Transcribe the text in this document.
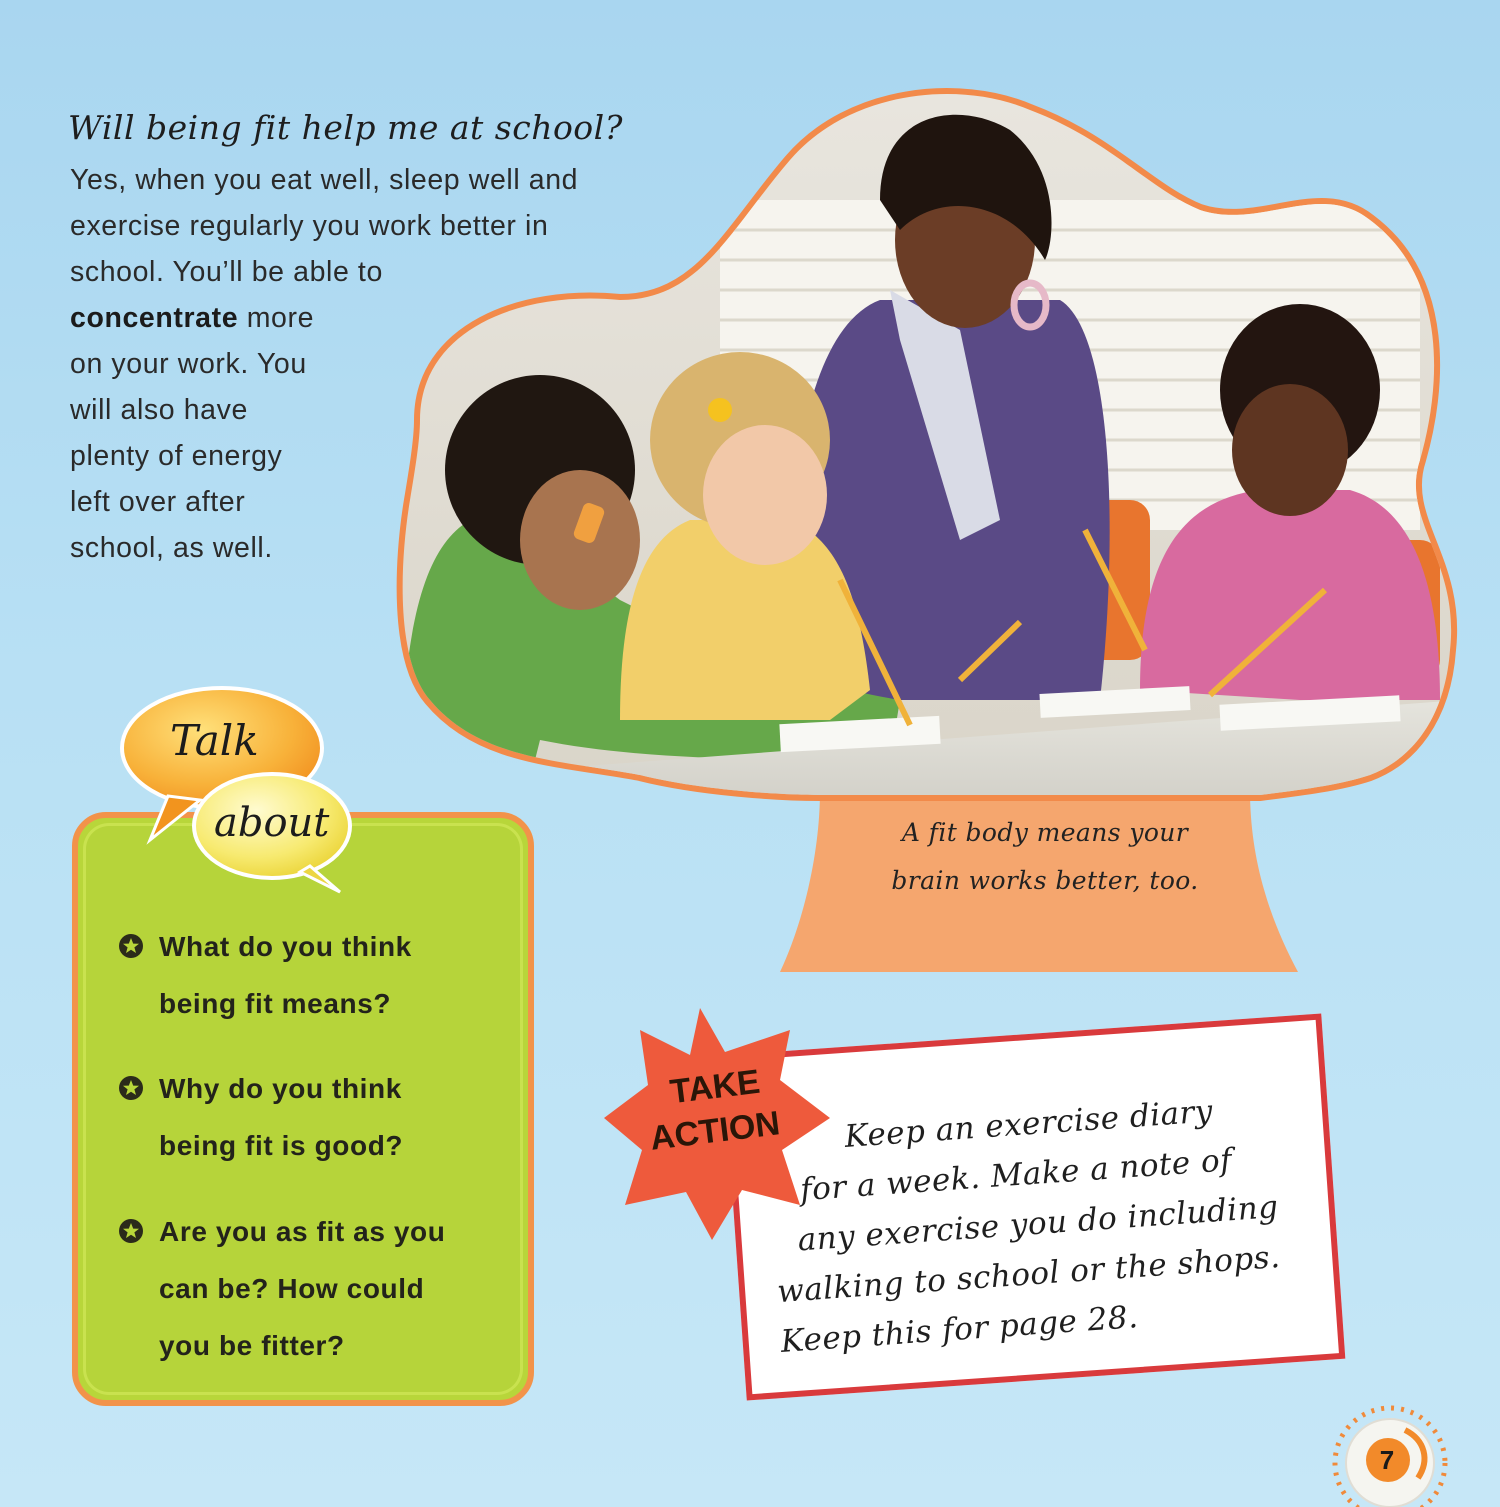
Will being fit help me at school?
Yes, when you eat well, sleep well and
exercise regularly you work better in
school. You’ll be able to
concentrate more
on your work. You
will also have
plenty of energy
left over after
school, as well.
A fit body means your
brain works better, too.
What do you think
being fit means?
Why do you think
being fit is good?
Are you as fit as you
can be? How could
you be fitter?
Talk
about
Keep an exercise diary
for a week. Make a note of
any exercise you do including
walking to school or the shops.
Keep this for page 28.
TAKE
ACTION
7
